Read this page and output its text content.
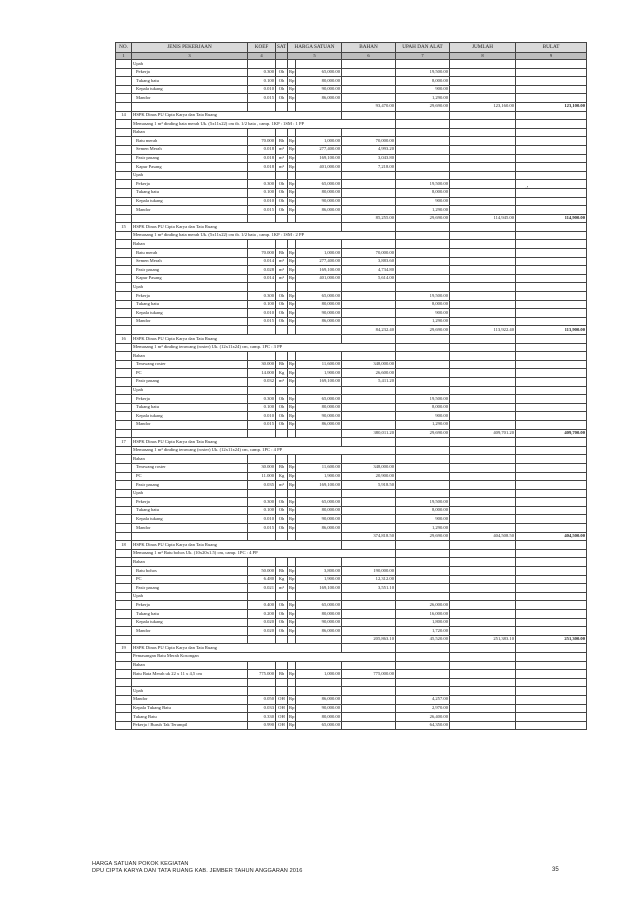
NO.	JENIS PEKERJAAN	KOEF	SAT	HARGA SATUAN		BAHAN	UPAH DAN ALAT	JUMLAH	BULAT
1	3	4		5		6	7	8	9
	Upah								
	Pekerja	0.300	Oh	Rp	65,000.00		19,500.00		
	Tukang batu	0.100	Oh	Rp	80,000.00		8,000.00		
	Kepala tukang	0.010	Oh	Rp	90,000.00		900.00		
	Mandor	0.015	Oh	Rp	86,000.00		1,290.00		
						93,470.00	29,690.00	123,160.00	123,100.00
14	HSPK Dinas PU Cipta Karya dan Tata Ruang								
	Memasang 1 m² dinding bata merah Uk. (5x11x22) cm tb. 1/2 bata , camp. 1KP : 1SM : 1 PP								
	Bahan								
	Batu merah	70.000	Bh	Rp	1,000.00	70,000.00			
	Semen Merah	0.018	m³	Rp	277,400.00	4,993.20			
	Pasir pasang	0.018	m³	Rp	169,100.00	3,043.80			
	Kapur Pasang	0.018	m³	Rp	401,000.00	7,218.00			
	Upah								
	Pekerja	0.300	Oh	Rp	65,000.00		19,500.00		
	Tukang batu	0.100	Oh	Rp	80,000.00		8,000.00		
	Kepala tukang	0.010	Oh	Rp	90,000.00		900.00		
	Mandor	0.015	Oh	Rp	86,000.00		1,290.00		
						85,255.00	29,690.00	114,945.00	114,900.00
15	HSPK Dinas PU Cipta Karya dan Tata Ruang								
	Memasang 1 m² dinding bata merah Uk. (5x11x22) cm tb. 1/2 bata , camp. 1KP : 1SM : 2 PP								
	Bahan								
	Batu merah	70.000	Bh	Rp	1,000.00	70,000.00			
	Semen Merah	0.014	m³	Rp	277,400.00	3,883.60			
	Pasir pasang	0.028	m³	Rp	169,100.00	4,734.80			
	Kapur Pasang	0.014	m³	Rp	401,000.00	5,614.00			
	Upah								
	Pekerja	0.300	Oh	Rp	65,000.00		19,500.00		
	Tukang batu	0.100	Oh	Rp	80,000.00		8,000.00		
	Kepala tukang	0.010	Oh	Rp	90,000.00		900.00		
	Mandor	0.015	Oh	Rp	86,000.00		1,290.00		
						84,232.40	29,690.00	113,922.40	113,900.00
16	HSPK Dinas PU Cipta Karya dan Tata Ruang								
	Memasang 1 m² dinding terawang (roster) Uk. (12x11x24) cm, camp. 1PC : 3 PP								
	Bahan								
	Terawang roster	30.000	Bh	Rp	11,600.00	348,000.00			
	PC	14.000	Kg	Rp	1,900.00	26,600.00			
	Pasir pasang	0.032	m³	Rp	169,100.00	5,411.20			
	Upah								
	Pekerja	0.300	Oh	Rp	65,000.00		19,500.00		
	Tukang batu	0.100	Oh	Rp	80,000.00		8,000.00		
	Kepala tukang	0.010	Oh	Rp	90,000.00		900.00		
	Mandor	0.015	Oh	Rp	86,000.00		1,290.00		
						380,011.20	29,690.00	409,701.20	409,700.00
17	HSPK Dinas PU Cipta Karya dan Tata Ruang								
	Memasang 1 m² dinding terawang (roster) Uk. (12x11x24) cm, camp. 1PC : 4 PP								
	Bahan								
	Terawang roster	30.000	Bh	Rp	11,600.00	348,000.00			
	PC	11.000	Kg	Rp	1,900.00	20,900.00			
	Pasir pasang	0.035	m³	Rp	169,100.00	5,918.50			
	Upah								
	Pekerja	0.300	Oh	Rp	65,000.00		19,500.00		
	Tukang batu	0.100	Oh	Rp	80,000.00		8,000.00		
	Kepala tukang	0.010	Oh	Rp	90,000.00		900.00		
	Mandor	0.015	Oh	Rp	86,000.00		1,290.00		
						374,818.50	29,690.00	404,508.50	404,500.00
18	HSPK Dinas PU Cipta Karya dan Tata Ruang								
	Memasang 1 m² Batu bohos Uk. (10x20x1.5) cm, camp. 1PC : 4 PP								
	Bahan								
	Batu bohos	50.000	Bh	Rp	3,800.00	190,000.00			
	PC	6.480	Kg	Rp	1,900.00	12,312.00			
	Pasir pasang	0.021	m³	Rp	169,100.00	3,551.10			
	Upah								
	Pekerja	0.400	Oh	Rp	65,000.00		26,000.00		
	Tukang batu	0.200	Oh	Rp	80,000.00		16,000.00		
	Kepala tukang	0.020	Oh	Rp	90,000.00		1,800.00		
	Mandor	0.020	Oh	Rp	86,000.00		1,720.00		
						205,863.10	45,520.00	251,383.10	251,300.00
19	HSPK Dinas PU Cipta Karya dan Tata Ruang								
	Pemasangan Batu Merah Kosongan								
	Bahan								
	Batu Bata Merah uk 22 x 11 x 4,5 cm	775.000	Bh	Rp	1,000.00	775,000.00			

	Upah								
	Mandor	0.050	OH	Rp	86,000.00		4,257.00		
	Kepala Tukang Batu	0.033	OH	Rp	90,000.00		2,970.00		
	Tukang Batu	0.330	OH	Rp	80,000.00		26,400.00		
	Pekerja / Buruh Tak Terampil	0.990	OH	Rp	65,000.00		64,350.00		
·'
HARGA SATUAN POKOK KEGIATAN
DPU CIPTA KARYA DAN TATA RUANG KAB. JEMBER TAHUN ANGGARAN 2016	35
